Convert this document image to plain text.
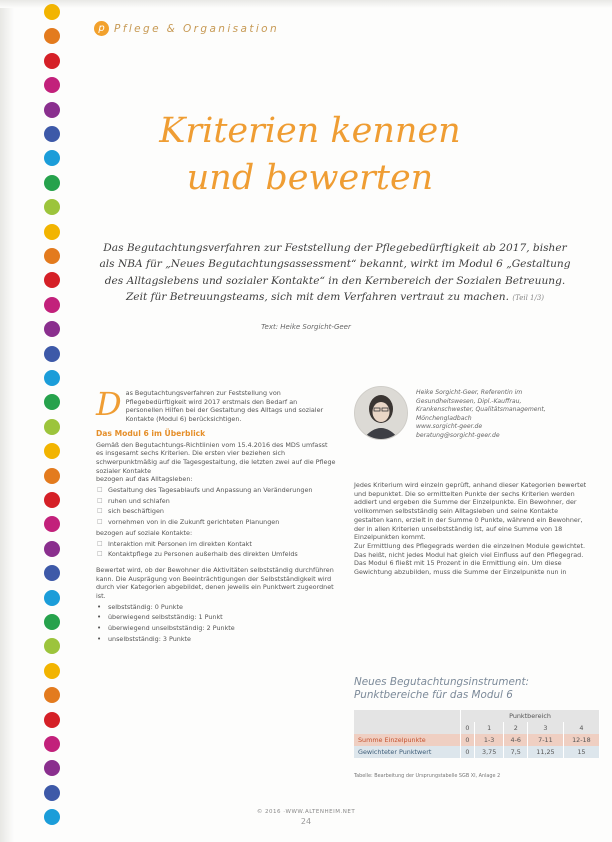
p Pflege & Organisation
Kriterien kennen
und bewerten
Das Begutachtungsverfahren zur Feststellung der Pflegebedürftigkeit ab 2017, bisher als NBA für „Neues Begutachtungsassessment“ bekannt, wirkt im Modul 6 „Gestaltung des Alltagslebens und sozialer Kontakte“ in den Kernbereich der Sozialen Betreuung. Zeit für Betreuungsteams, sich mit dem Verfahren vertraut zu machen. (Teil 1/3)
Text: Heike Sorgicht-Geer

D as Begutachtungsverfahren zur Feststellung von Pflegebedürftigkeit wird 2017 erstmals den Bedarf an personellen Hilfen bei der Gestaltung des Alltags und sozialer Kontakte (Modul 6) berücksichtigen.

Das Modul 6 im Überblick

Gemäß den Begutachtungs-Richtlinien vom 15.4.2016 des MDS umfasst es insgesamt sechs Kriterien. Die ersten vier beziehen sich schwerpunktmäßig auf die Tagesgestaltung, die letzten zwei auf die Pflege sozialer Kontakte

bezogen auf das Alltagsleben:

□ Gestaltung des Tagesablaufs und Anpassung an Veränderungen
□ ruhen und schlafen
□ sich beschäftigen
□ vornehmen von in die Zukunft gerichteten Planungen

bezogen auf soziale Kontakte:

□ Interaktion mit Personen im direkten Kontakt
□ Kontaktpflege zu Personen außerhalb des direkten Umfelds

Bewertet wird, ob der Bewohner die Aktivitäten selbstständig durchführen kann. Die Ausprägung von Beeinträchtigungen der Selbstständigkeit wird durch vier Kategorien abgebildet, denen jeweils ein Punktwert zugeordnet ist.

• selbstständig: 0 Punkte
• überwiegend selbstständig: 1 Punkt
• überwiegend unselbstständig: 2 Punkte
• unselbstständig: 3 Punkte
Heike Sorgicht-Geer, Referentin im Gesundheitswesen, Dipl.-Kauffrau, Krankenschwester, Qualitätsmanagement, Mönchengladbach
www.sorgicht-geer.de
beratung@sorgicht-geer.de

Jedes Kriterium wird einzeln geprüft, anhand dieser Kategorien bewertet und bepunktet. Die so ermittelten Punkte der sechs Kriterien werden addiert und ergeben die Summe der Einzelpunkte. Ein Bewohner, der vollkommen selbstständig sein Alltagsleben und seine Kontakte gestalten kann, erzielt in der Summe 0 Punkte, während ein Bewohner, der in allen Kriterien unselbstständig ist, auf eine Summe von 18 Einzelpunkten kommt.

Zur Ermittlung des Pflegegrads werden die einzelnen Module gewichtet. Das heißt, nicht jedes Modul hat gleich viel Einfluss auf den Pflegegrad. Das Modul 6 fließt mit 15 Prozent in die Ermittlung ein. Um diese Gewichtung abzubilden, muss die Summe der Einzelpunkte nun in

Neues Begutachtungsinstrument:
Punktbereiche für das Modul 6
	Punktbereich				
	0	1	2	3	4
Summe Einzelpunkte	0	1-3	4-6	7-11	12-18
Gewichteter Punktwert	0	3,75	7,5	11,25	15
Tabelle: Bearbeitung der Ursprungstabelle SGB XI, Anlage 2
© 2016 ·WWW.ALTENHEIM.NET
24
